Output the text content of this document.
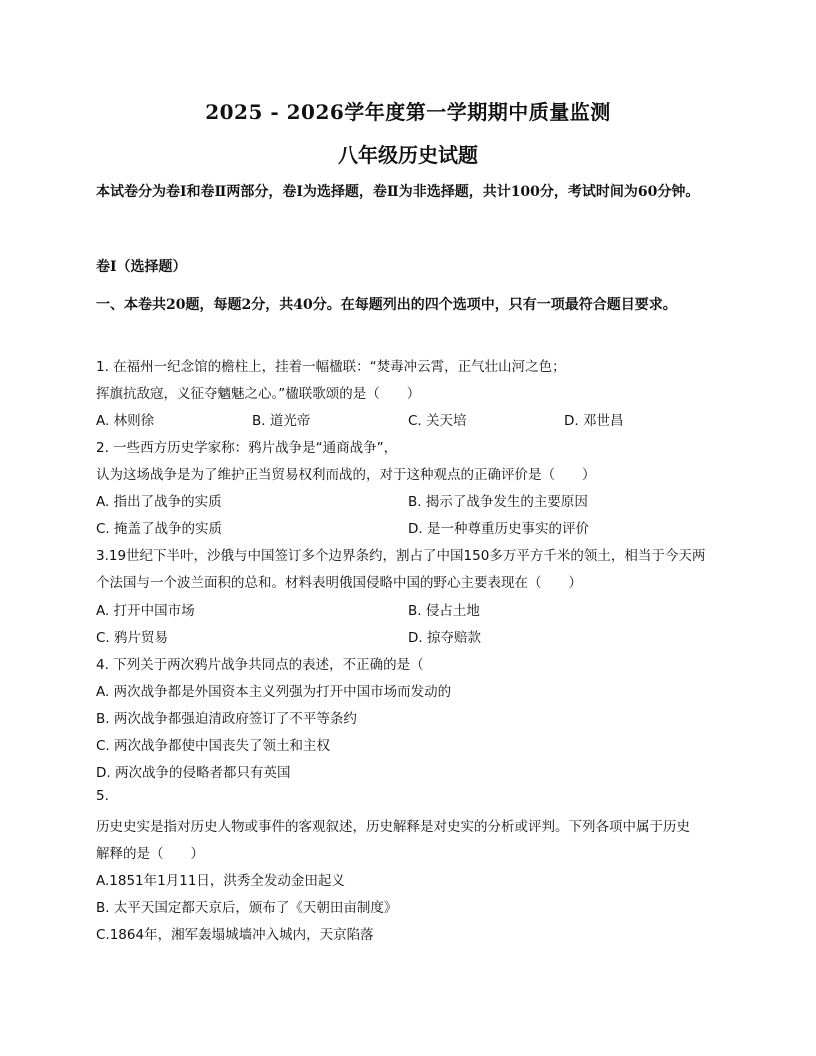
2025 - 2026学年度第一学期期中质量监测
八年级历史试题
本试卷分为卷Ⅰ和卷Ⅱ两部分，卷Ⅰ为选择题，卷Ⅱ为非选择题，共计100分，考试时间为60分钟。
卷Ⅰ（选择题）
一、本卷共20题，每题2分，共40分。在每题列出的四个选项中，只有一项最符合题目要求。
1. 在福州一纪念馆的檐柱上，挂着一幅楹联：“焚毒冲云霄，正气壮山河之色；
挥旗抗敌寇，义征夺魑魅之心。”楹联歌颂的是（　　）
A. 林则徐	B. 道光帝	C. 关天培	D. 邓世昌
2. 一些西方历史学家称：鸦片战争是“通商战争”，
认为这场战争是为了维护正当贸易权利而战的，对于这种观点的正确评价是（　　）
A. 指出了战争的实质	B. 揭示了战争发生的主要原因
C. 掩盖了战争的实质	D. 是一种尊重历史事实的评价
3.19世纪下半叶，沙俄与中国签订多个边界条约，割占了中国150多万平方千米的领土，相当于今天两
个法国与一个波兰面积的总和。材料表明俄国侵略中国的野心主要表现在（　　）
A. 打开中国市场	B. 侵占土地
C. 鸦片贸易	D. 掠夺赔款
4. 下列关于两次鸦片战争共同点的表述，不正确的是（
A. 两次战争都是外国资本主义列强为打开中国市场而发动的
B. 两次战争都强迫清政府签订了不平等条约
C. 两次战争都使中国丧失了领土和主权
D. 两次战争的侵略者都只有英国
5.
历史史实是指对历史人物或事件的客观叙述，历史解释是对史实的分析或评判。下列各项中属于历史
解释的是（　　）
A.1851年1月11日，洪秀全发动金田起义
B. 太平天国定都天京后，颁布了《天朝田亩制度》
C.1864年，湘军轰塌城墙冲入城内，天京陷落
